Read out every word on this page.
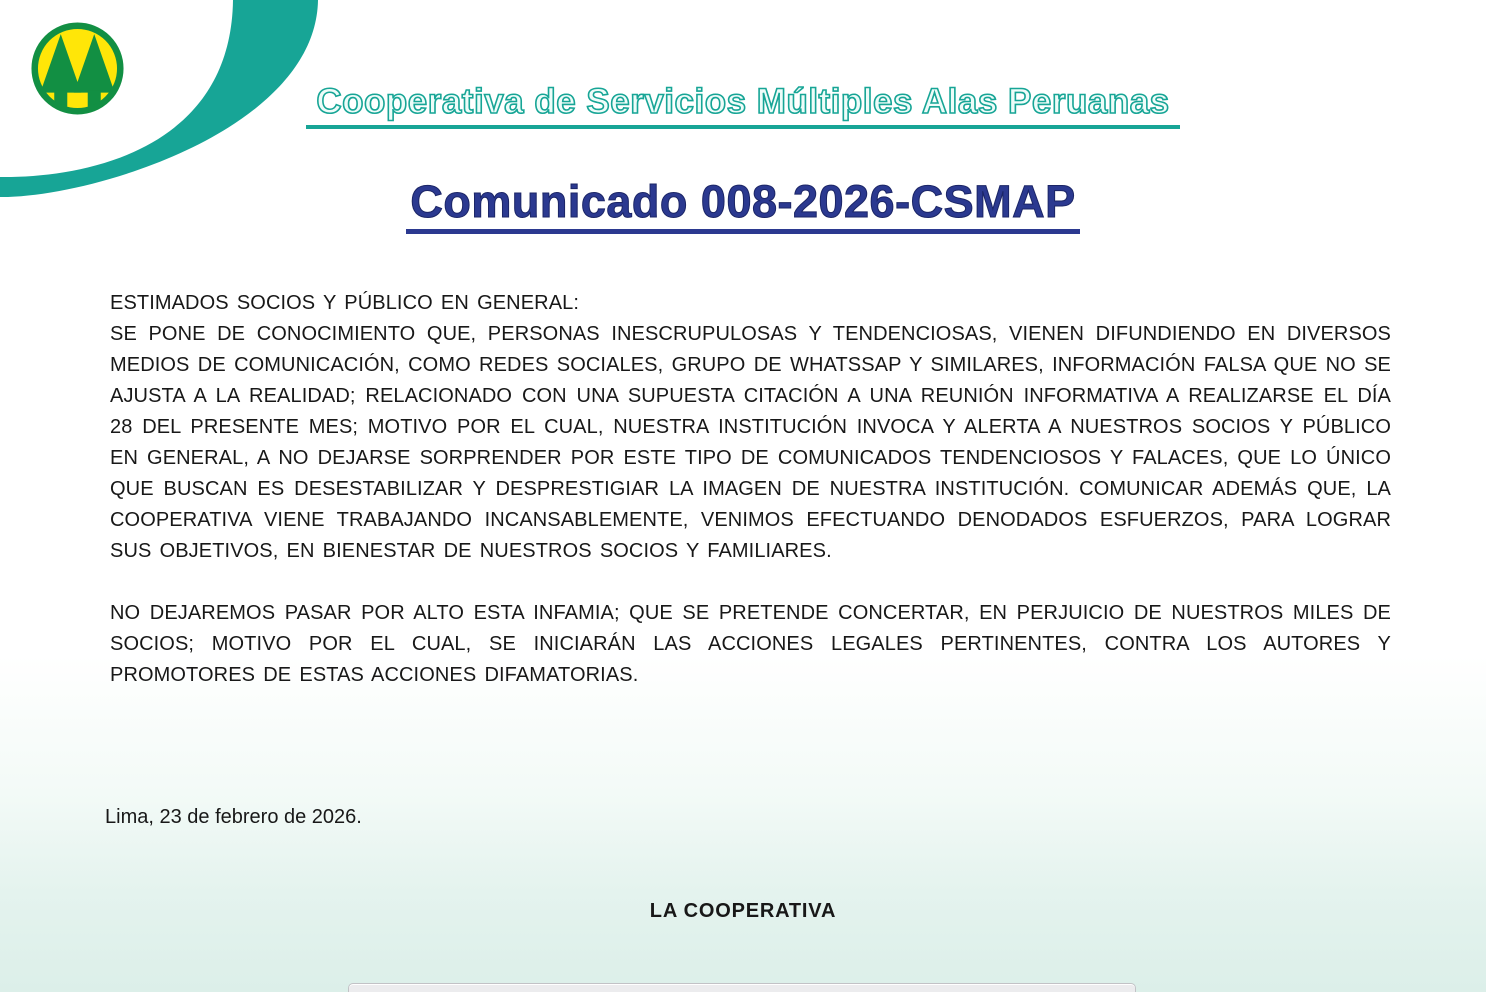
Cooperativa de Servicios Múltiples Alas Peruanas
Comunicado 008-2026-CSMAP
ESTIMADOS SOCIOS Y PÚBLICO EN GENERAL:
SE PONE DE CONOCIMIENTO QUE, PERSONAS INESCRUPULOSAS Y TENDENCIOSAS, VIENEN DIFUNDIENDO EN DIVERSOS MEDIOS DE COMUNICACIÓN, COMO REDES SOCIALES, GRUPO DE WHATSSAP Y SIMILARES, INFORMACIÓN FALSA QUE NO SE AJUSTA A LA REALIDAD; RELACIONADO CON UNA SUPUESTA CITACIÓN A UNA REUNIÓN INFORMATIVA A REALIZARSE EL DÍA 28 DEL PRESENTE MES; MOTIVO POR EL CUAL, NUESTRA INSTITUCIÓN INVOCA Y ALERTA A NUESTROS SOCIOS Y PÚBLICO EN GENERAL, A NO DEJARSE SORPRENDER POR ESTE TIPO DE COMUNICADOS TENDENCIOSOS Y FALACES, QUE LO ÚNICO QUE BUSCAN ES DESESTABILIZAR Y DESPRESTIGIAR LA IMAGEN DE NUESTRA INSTITUCIÓN. COMUNICAR ADEMÁS QUE, LA COOPERATIVA VIENE TRABAJANDO INCANSABLEMENTE, VENIMOS EFECTUANDO DENODADOS ESFUERZOS, PARA LOGRAR SUS OBJETIVOS, EN BIENESTAR DE NUESTROS SOCIOS Y FAMILIARES.
NO DEJAREMOS PASAR POR ALTO ESTA INFAMIA; QUE SE PRETENDE CONCERTAR, EN PERJUICIO DE NUESTROS MILES DE SOCIOS; MOTIVO POR EL CUAL, SE INICIARÁN LAS ACCIONES LEGALES PERTINENTES, CONTRA LOS AUTORES Y PROMOTORES DE ESTAS ACCIONES DIFAMATORIAS.
Lima, 23 de febrero de 2026.
LA COOPERATIVA
